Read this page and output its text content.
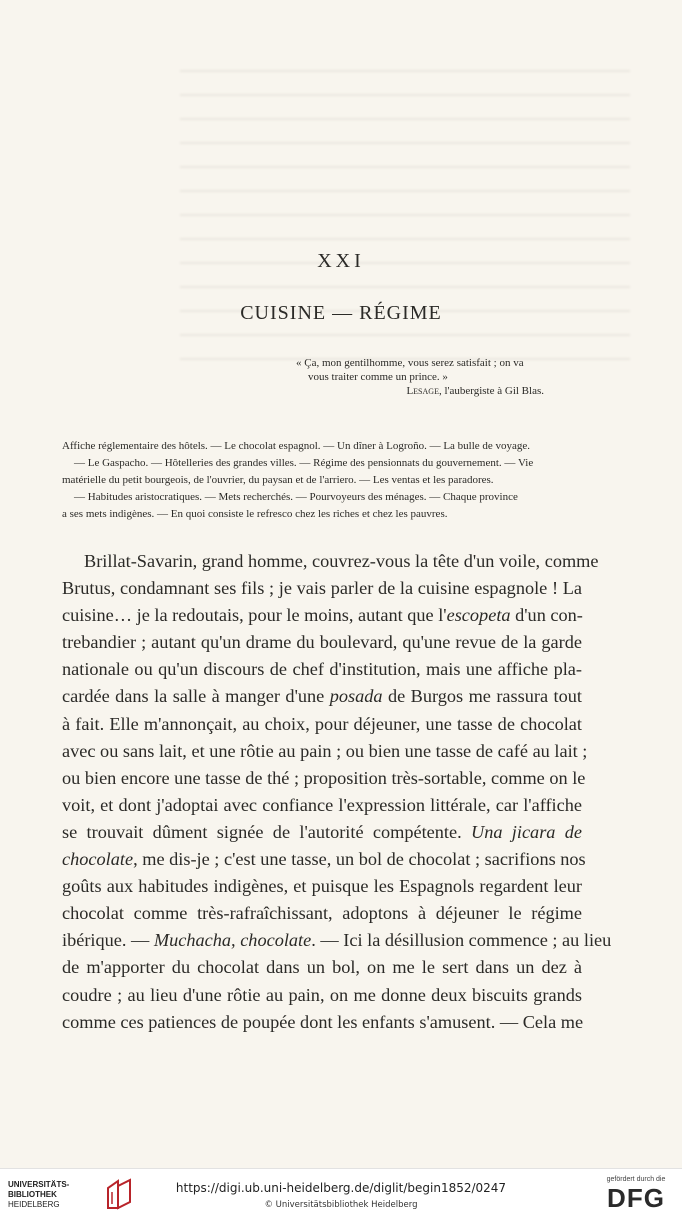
XXI
CUISINE — RÉGIME
« Ça, mon gentilhomme, vous serez satisfait ; on va
vous traiter comme un prince. »
Lesage, l'aubergiste à Gil Blas.
Affiche réglementaire des hôtels. — Le chocolat espagnol. — Un dîner à Logroño. — La bulle de voyage.
— Le Gaspacho. — Hôtelleries des grandes villes. — Régime des pensionnats du gouvernement. — Vie
matérielle du petit bourgeois, de l'ouvrier, du paysan et de l'arriero. — Les ventas et les paradores.
— Habitudes aristocratiques. — Mets recherchés. — Pourvoyeurs des ménages. — Chaque province
a ses mets indigènes. — En quoi consiste le refresco chez les riches et chez les pauvres.
Brillat-Savarin, grand homme, couvrez-vous la tête d'un voile, comme
Brutus, condamnant ses fils ; je vais parler de la cuisine espagnole ! La
cuisine… je la redoutais, pour le moins, autant que l'escopeta d'un con-
trebandier ; autant qu'un drame du boulevard, qu'une revue de la garde
nationale ou qu'un discours de chef d'institution, mais une affiche pla-
cardée dans la salle à manger d'une posada de Burgos me rassura tout
à fait. Elle m'annonçait, au choix, pour déjeuner, une tasse de chocolat
avec ou sans lait, et une rôtie au pain ; ou bien une tasse de café au lait ;
ou bien encore une tasse de thé ; proposition très-sortable, comme on le
voit, et dont j'adoptai avec confiance l'expression littérale, car l'affiche
se trouvait dûment signée de l'autorité compétente. Una jicara de
chocolate, me dis-je ; c'est une tasse, un bol de chocolat ; sacrifions nos
goûts aux habitudes indigènes, et puisque les Espagnols regardent leur
chocolat comme très-rafraîchissant, adoptons à déjeuner le régime
ibérique. — Muchacha, chocolate. — Ici la désillusion commence ; au lieu
de m'apporter du chocolat dans un bol, on me le sert dans un dez à
coudre ; au lieu d'une rôtie au pain, on me donne deux biscuits grands
comme ces patiences de poupée dont les enfants s'amusent. — Cela me
UNIVERSITÄTS-
BIBLIOTHEK
HEIDELBERG
https://digi.ub.uni-heidelberg.de/diglit/begin1852/0247
© Universitätsbibliothek Heidelberg
gefördert durch die
DFG
